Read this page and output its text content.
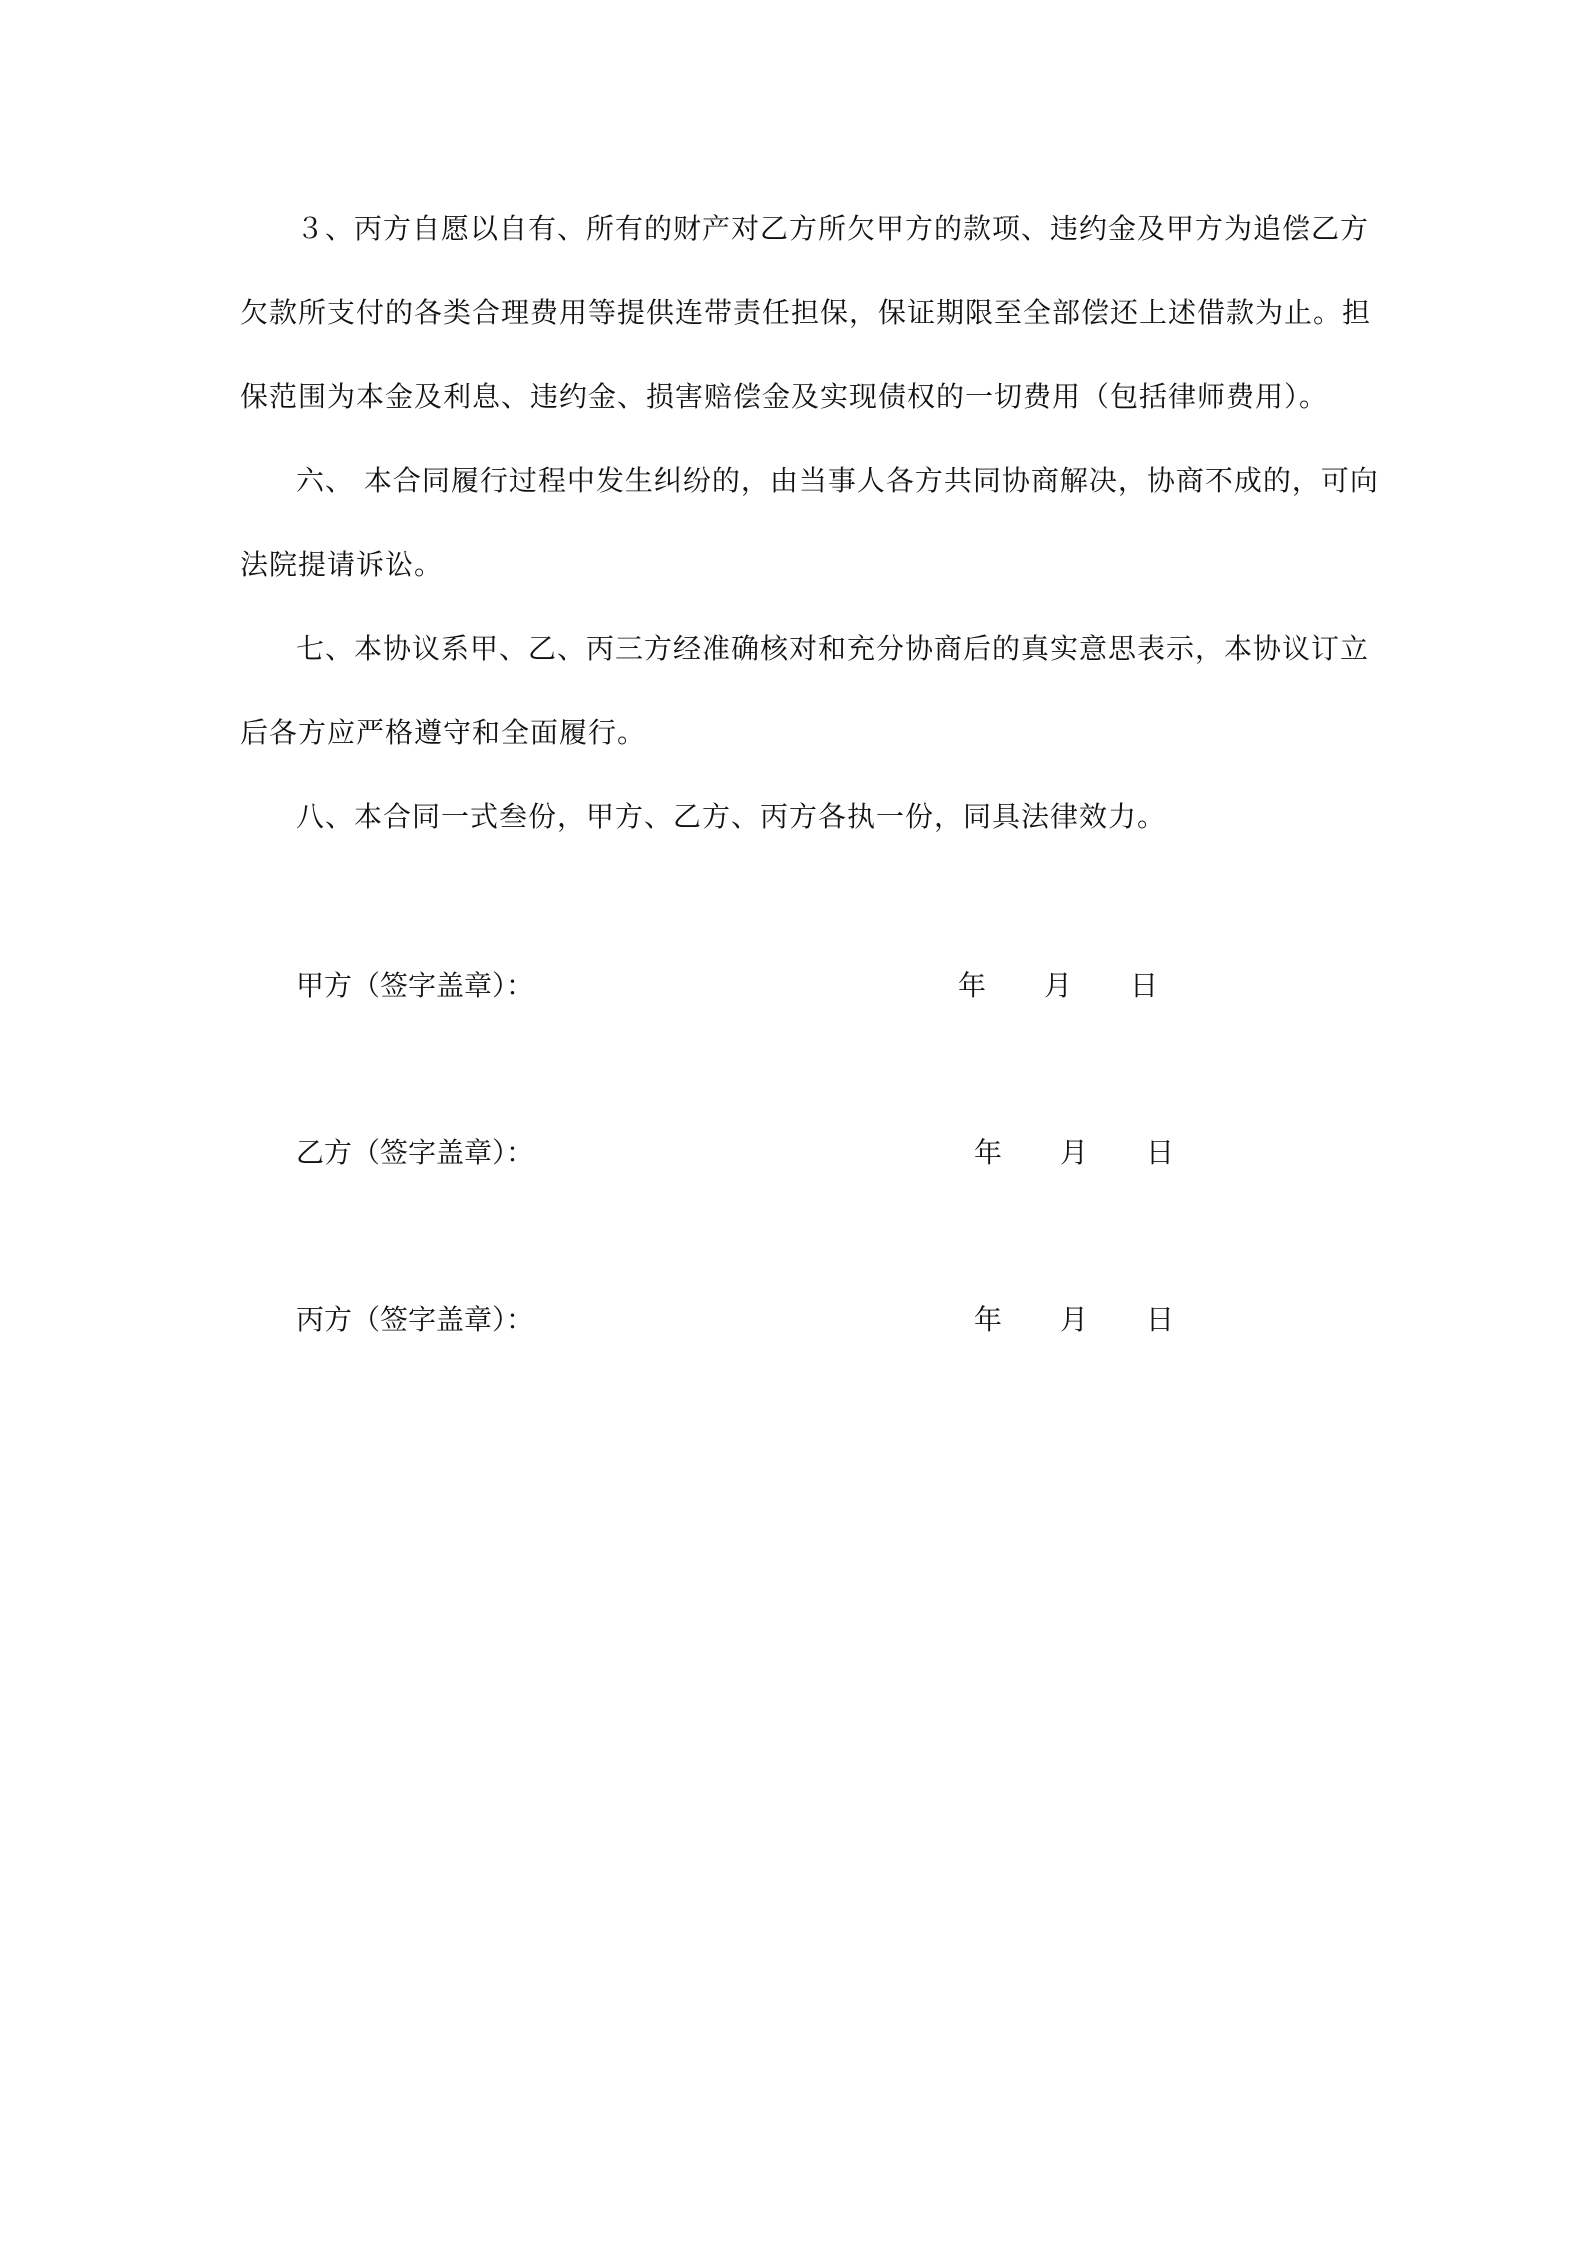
３、丙方自愿以自有、所有的财产对乙方所欠甲方的款项、违约金及甲方为追偿乙方
欠款所支付的各类合理费用等提供连带责任担保，保证期限至全部偿还上述借款为止。担
保范围为本金及利息、违约金、损害赔偿金及实现债权的一切费用（包括律师费用）。
六、 本合同履行过程中发生纠纷的，由当事人各方共同协商解决，协商不成的，可向
法院提请诉讼。
七、本协议系甲、乙、丙三方经准确核对和充分协商后的真实意思表示，本协议订立
后各方应严格遵守和全面履行。
八、本合同一式叁份，甲方、乙方、丙方各执一份，同具法律效力。
甲方（签字盖章）：	年 月 日
乙方（签字盖章）：	年 月 日
丙方（签字盖章）：	年 月 日
